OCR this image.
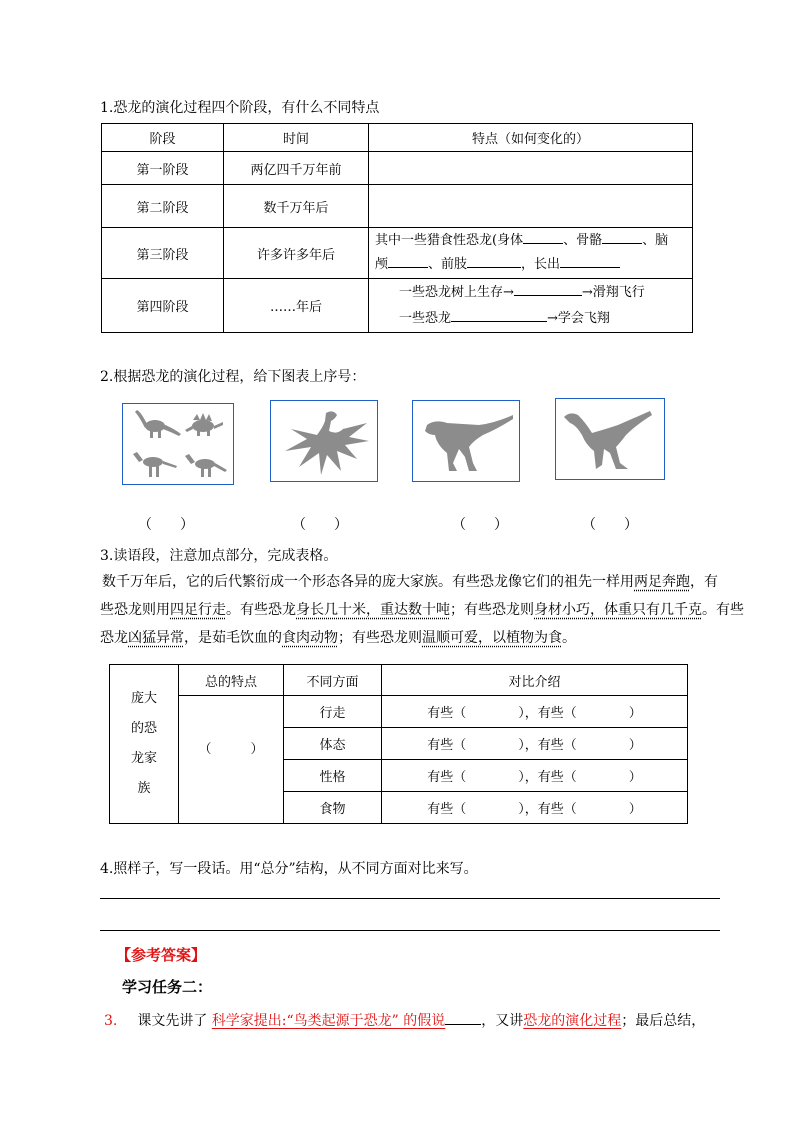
1.恐龙的演化过程四个阶段，有什么不同特点
阶段	时间	特点（如何变化的）
第一阶段	两亿四千万年前	
第二阶段	数千万年后	
第三阶段	许多许多年后	其中一些猎食性恐龙(身体 、骨骼 、脑
颅 、前肢 ，长出
第四阶段	……年后	一些恐龙树上生存→ →滑翔飞行
一些恐龙 →学会飞翔
2.根据恐龙的演化过程，给下图表上序号：
（　　）	（　　）	（　　）	（　　）
3.读语段，注意加点部分，完成表格。
数千万年后，它的后代繁衍成一个形态各异的庞大家族。有些恐龙像它们的祖先一样用两足奔跑，有
些恐龙则用四足行走。有些恐龙身长几十米，重达数十吨；有些恐龙则身材小巧，体重只有几千克。有些
恐龙凶猛异常，是茹毛饮血的食肉动物；有些恐龙则温顺可爱，以植物为食。
庞大
的恐
龙家
族	总的特点	不同方面	对比介绍
	（　　　）	行走	有些（　　　　），有些（　　　　）
		体态	有些（　　　　），有些（　　　　）
		性格	有些（　　　　），有些（　　　　）
		食物	有些（　　　　），有些（　　　　）
4.照样子，写一段话。用“总分”结构，从不同方面对比来写。
【参考答案】
学习任务二：
3. 课文先讲了 科学家提出:“鸟类起源于恐龙” 的假说	，又讲恐龙的演化过程；最后总结，
